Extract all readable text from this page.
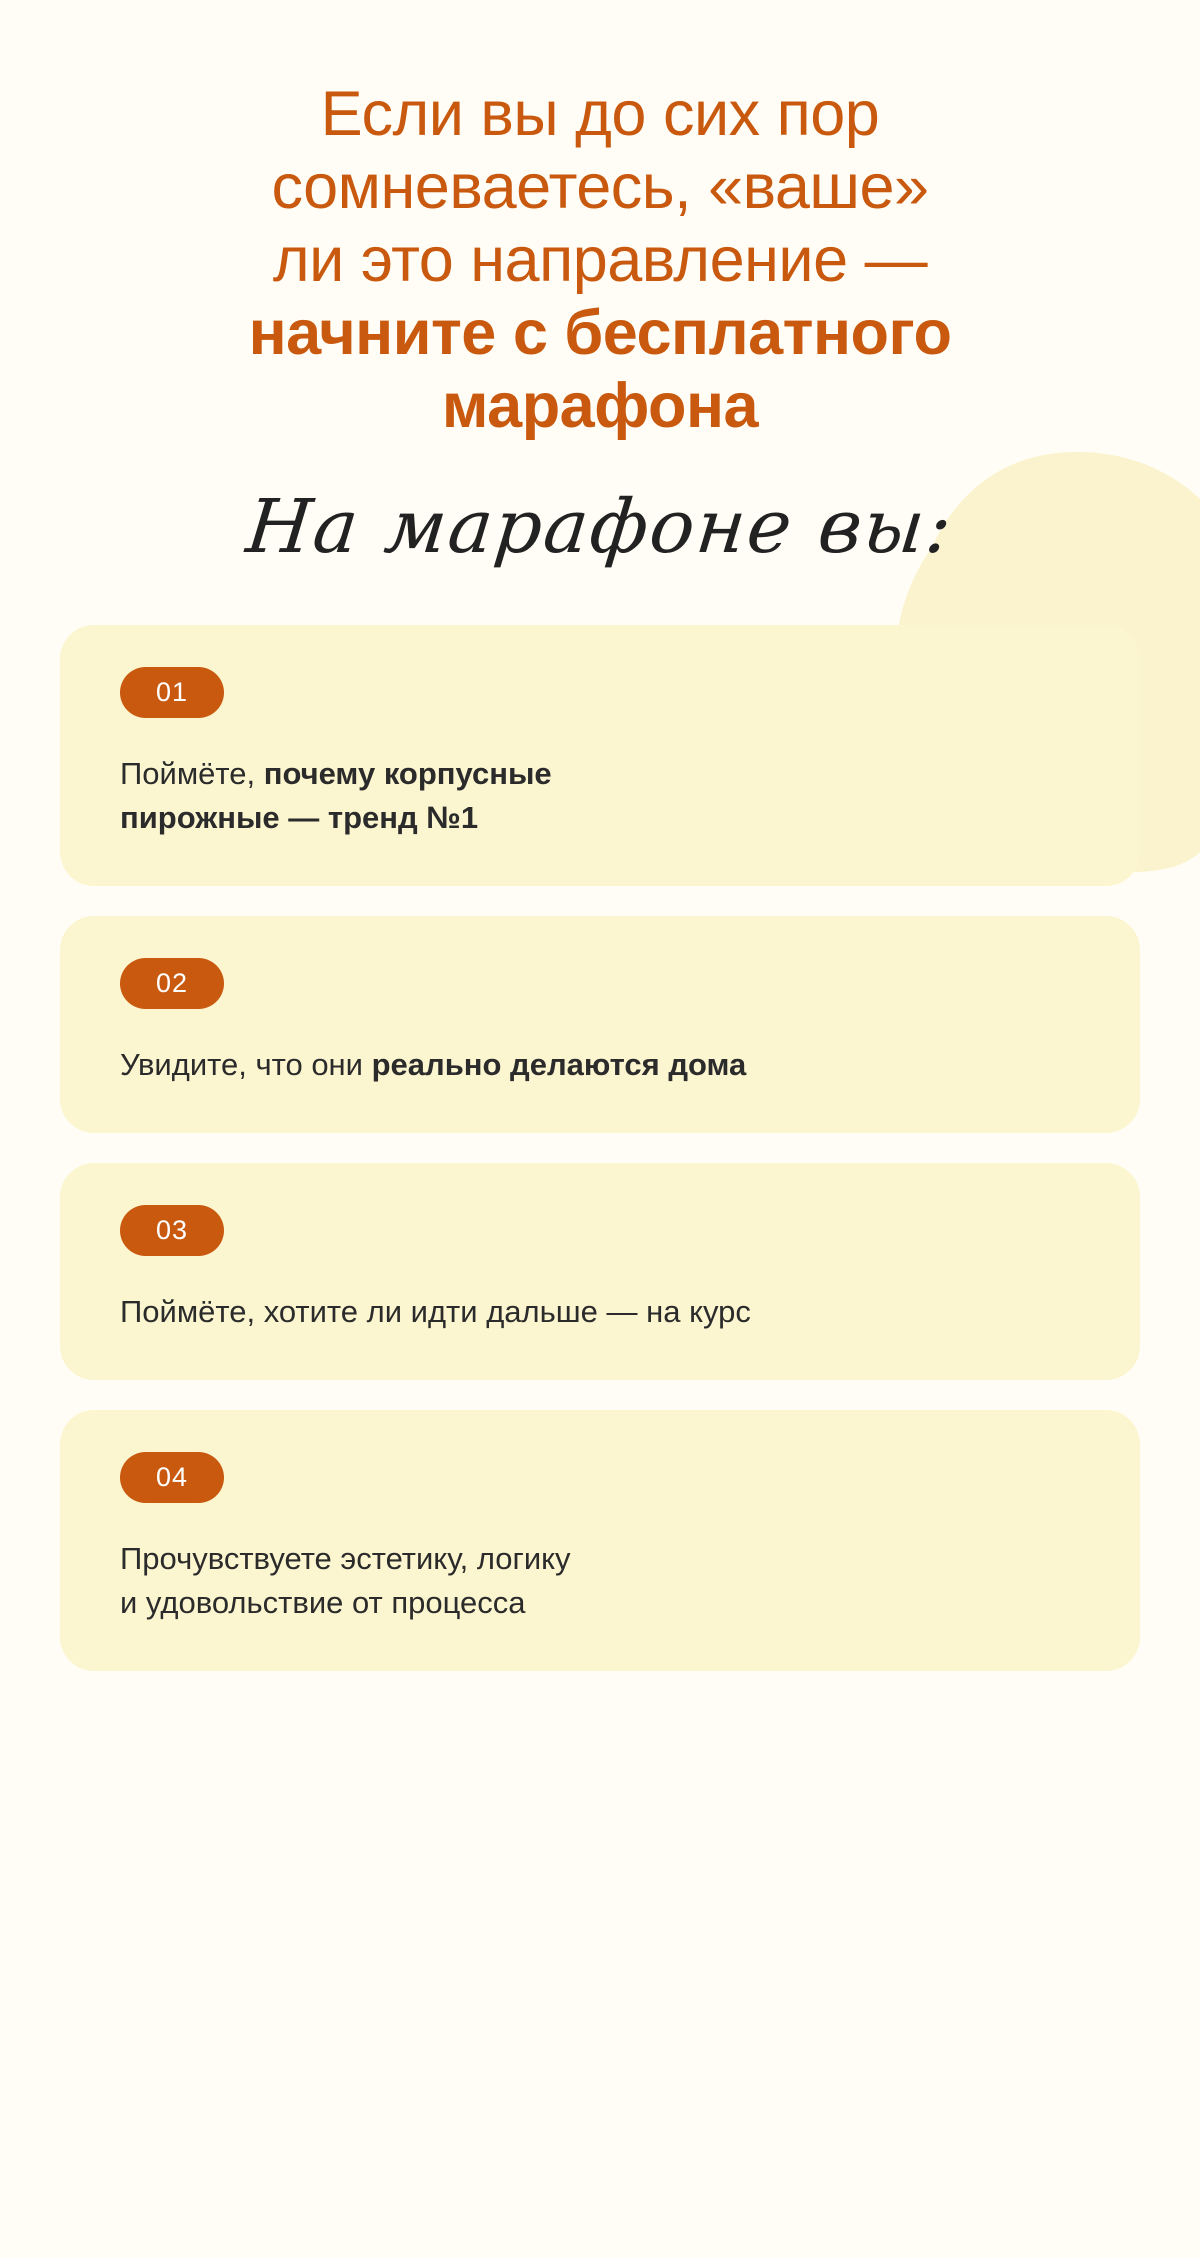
Если вы до сих пор
сомневаетесь, «ваше»
ли это направление —
начните с бесплатного
марафона
На марафоне вы:
01
Поймёте, почему корпусные
пирожные — тренд №1
02
Увидите, что они реально делаются дома
03
Поймёте, хотите ли идти дальше — на курс
04
Прочувствуете эстетику, логику
и удовольствие от процесса
